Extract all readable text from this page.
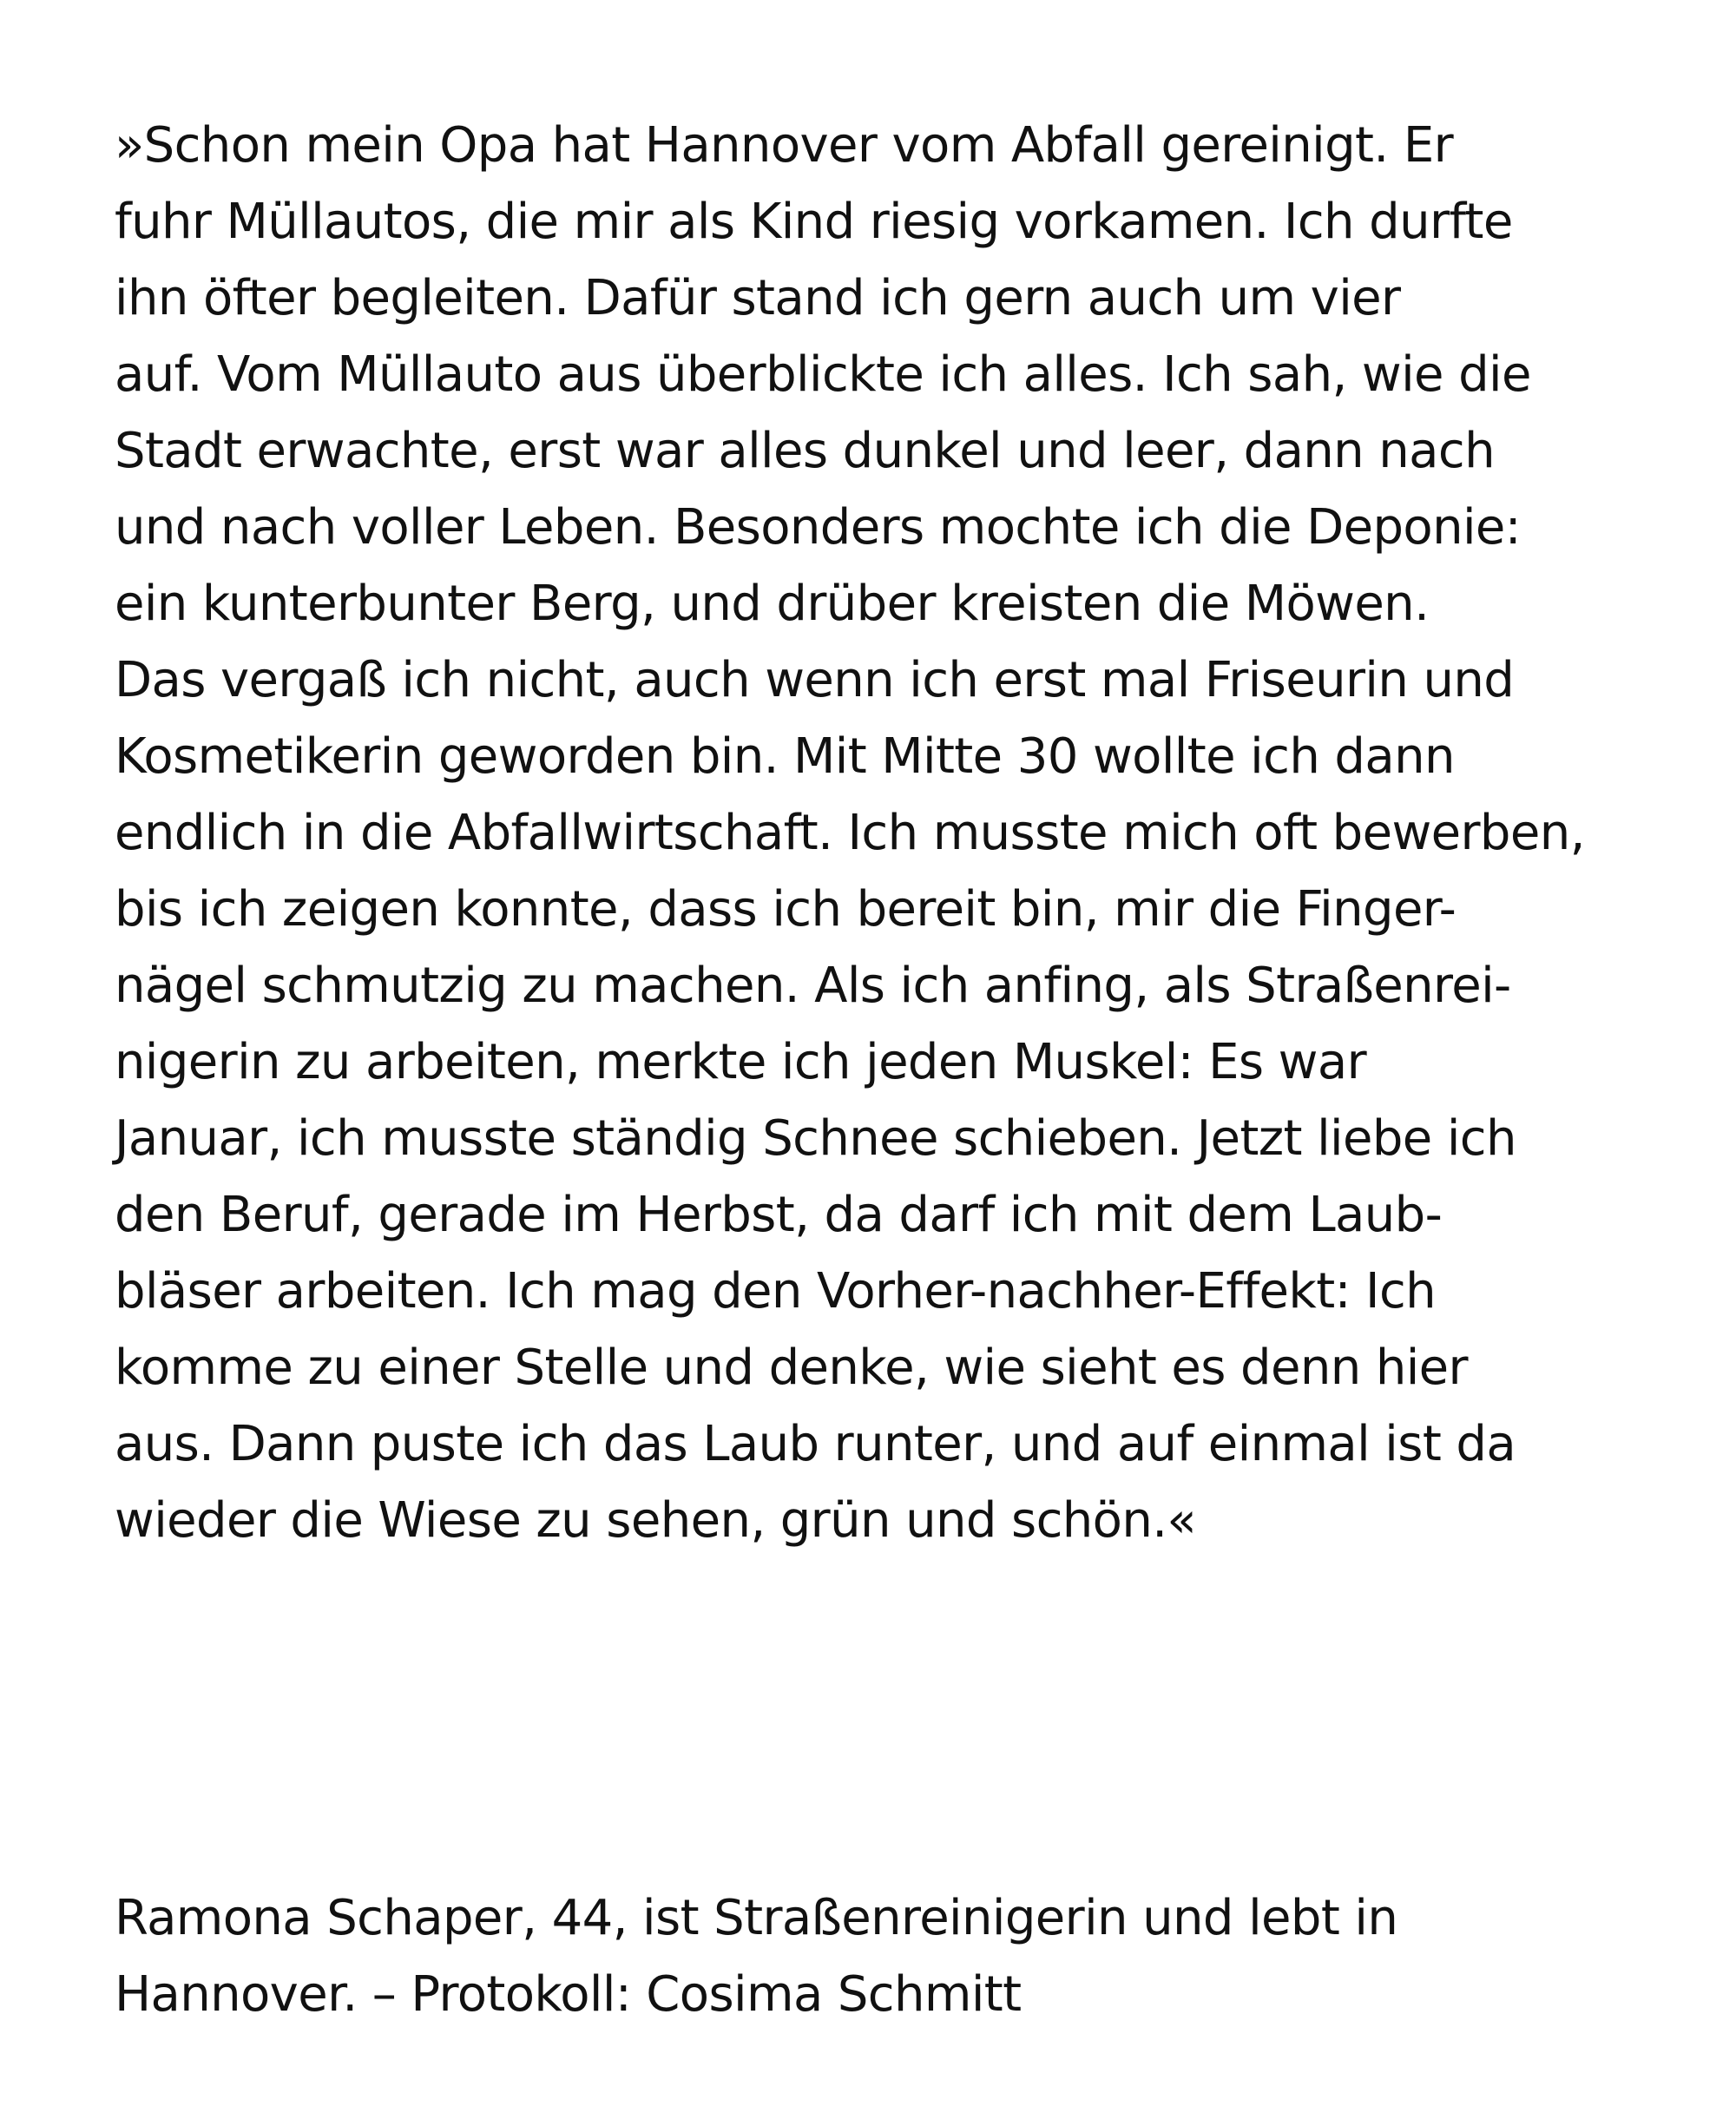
»Schon mein Opa hat Hannover vom Abfall gereinigt. Er
fuhr Müllautos, die mir als Kind riesig vorkamen. Ich durfte
ihn öfter begleiten. Dafür stand ich gern auch um vier
auf. Vom Müllauto aus überblickte ich alles. Ich sah, wie die
Stadt erwachte, erst war alles dunkel und leer, dann nach
und nach voller Leben. Besonders mochte ich die Deponie:
ein kunterbunter Berg, und drüber kreisten die Möwen.
Das vergaß ich nicht, auch wenn ich erst mal Friseurin und
Kosmetikerin geworden bin. Mit Mitte 30 wollte ich dann
endlich in die Abfallwirtschaft. Ich musste mich oft bewerben,
bis ich zeigen konnte, dass ich bereit bin, mir die Finger-
nägel schmutzig zu machen. Als ich anfing, als Straßenrei-
nigerin zu arbeiten, merkte ich jeden Muskel: Es war
Januar, ich musste ständig Schnee schieben. Jetzt liebe ich
den Beruf, gerade im Herbst, da darf ich mit dem Laub-
bläser arbeiten. Ich mag den Vorher-nachher-Effekt: Ich
komme zu einer Stelle und denke, wie sieht es denn hier
aus. Dann puste ich das Laub runter, und auf einmal ist da
wieder die Wiese zu sehen, grün und schön.«

Ramona Schaper, 44, ist Straßenreinigerin und lebt in
Hannover. – Protokoll: Cosima Schmitt
